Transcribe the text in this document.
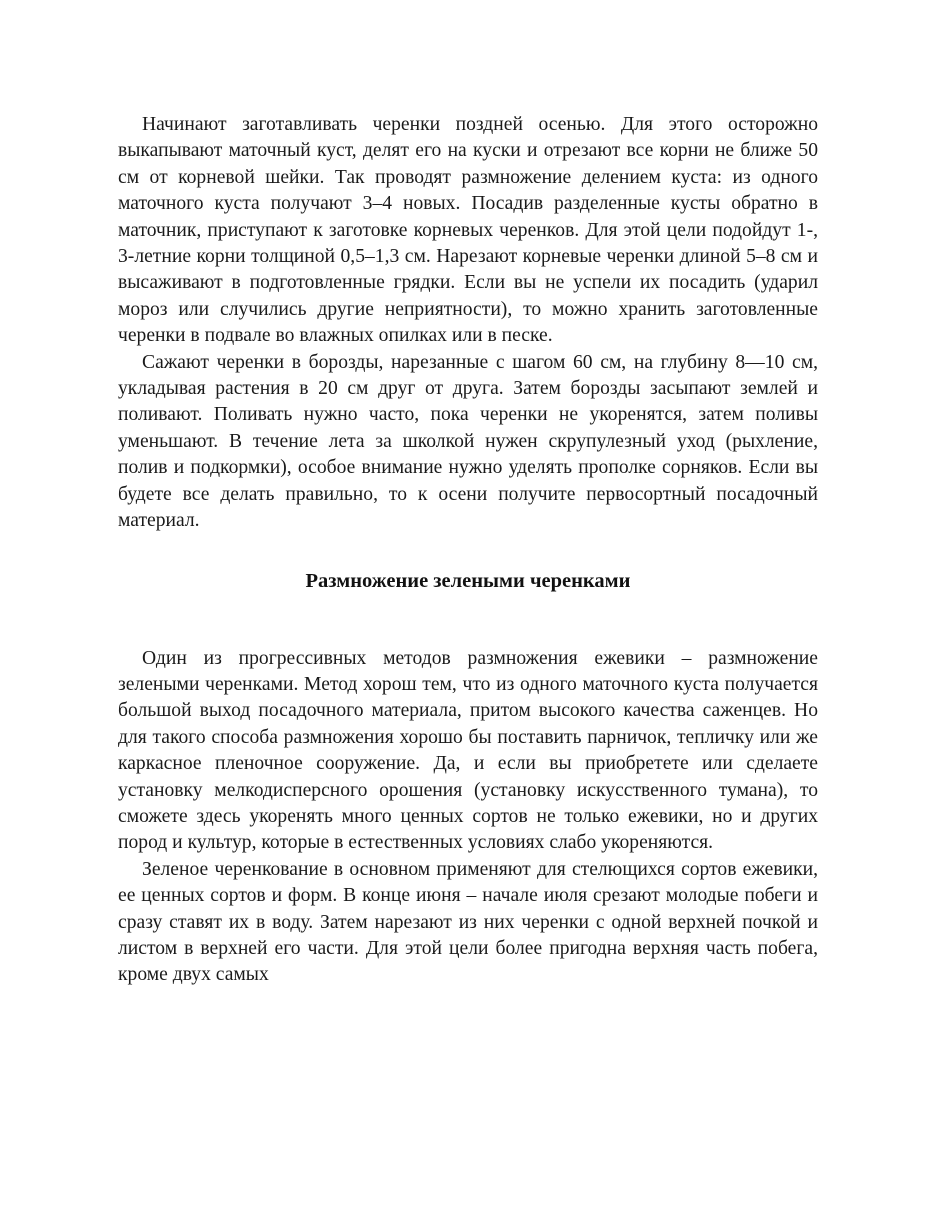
Начинают заготавливать черенки поздней осенью. Для этого осторожно выкапывают маточный куст, делят его на куски и отрезают все корни не ближе 50 см от корневой шейки. Так проводят размножение делением куста: из одного маточного куста получают 3–4 новых. Посадив разделенные кусты обратно в маточник, приступают к заготовке корневых черенков. Для этой цели подойдут 1-, 3-летние корни толщиной 0,5–1,3 см. Нарезают корневые черенки длиной 5–8 см и высаживают в подготовленные грядки. Если вы не успели их посадить (ударил мороз или случились другие неприятности), то можно хранить заготовленные черенки в подвале во влажных опилках или в песке.

Сажают черенки в борозды, нарезанные с шагом 60 см, на глубину 8—10 см, укладывая растения в 20 см друг от друга. Затем борозды засыпают землей и поливают. Поливать нужно часто, пока черенки не укоренятся, затем поливы уменьшают. В течение лета за школкой нужен скрупулезный уход (рыхление, полив и подкормки), особое внимание нужно уделять прополке сорняков. Если вы будете все делать правильно, то к осени получите первосортный посадочный материал.

Размножение зелеными черенками

Один из прогрессивных методов размножения ежевики – размножение зелеными черенками. Метод хорош тем, что из одного маточного куста получается большой выход посадочного материала, притом высокого качества саженцев. Но для такого способа размножения хорошо бы поставить парничок, тепличку или же каркасное пленочное сооружение. Да, и если вы приобретете или сделаете установку мелкодисперсного орошения (установку искусственного тумана), то сможете здесь укоренять много ценных сортов не только ежевики, но и других пород и культур, которые в естественных условиях слабо укореняются.

Зеленое черенкование в основном применяют для стелющихся сортов ежевики, ее ценных сортов и форм. В конце июня – начале июля срезают молодые побеги и сразу ставят их в воду. Затем нарезают из них черенки с одной верхней почкой и листом в верхней его части. Для этой цели более пригодна верхняя часть побега, кроме двух самых
